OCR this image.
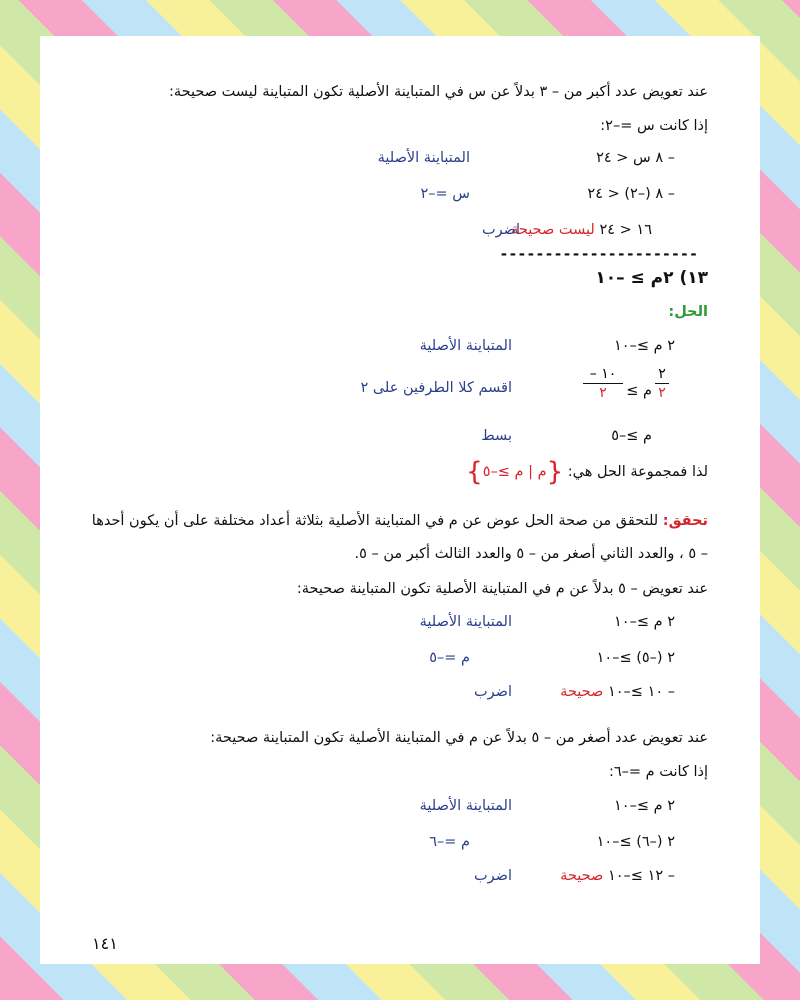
عند تعويض عدد أكبر من – ٣ بدلاً عن س في المتباينة الأصلية تكون المتباينة ليست صحيحة:
إذا كانت س =–٢:
– ٨ س < ٢٤
المتباينة الأصلية
– ٨ (–٢) < ٢٤
س =–٢
١٦ < ٢٤ ليست صحيحة
اضرب
----------------------
١٣) ٢م ≥ –١٠
الحل:
٢ م ≥–١٠
المتباينة الأصلية
٢
٢
م ≥
– ١٠
٢
اقسم كلا الطرفين على ٢
م ≥–٥
بسط
لذا فمجموعة الحل هي: {م | م ≥–٥}
تحقق: للتحقق من صحة الحل عوض عن م في المتباينة الأصلية بثلاثة أعداد مختلفة على أن يكون أحدها
– ٥ ، والعدد الثاني أصغر من – ٥ والعدد الثالث أكبر من – ٥.
عند تعويض – ٥ بدلاً عن م في المتباينة الأصلية تكون المتباينة صحيحة:
٢ م ≥–١٠
المتباينة الأصلية
٢ (–٥) ≥–١٠
م =–٥
– ١٠ ≥–١٠ صحيحة
اضرب
عند تعويض عدد أصغر من – ٥ بدلاً عن م في المتباينة الأصلية تكون المتباينة صحيحة:
إذا كانت م =–٦:
٢ م ≥–١٠
المتباينة الأصلية
٢ (–٦) ≥–١٠
م =–٦
– ١٢ ≥–١٠ صحيحة
اضرب
١٤١
